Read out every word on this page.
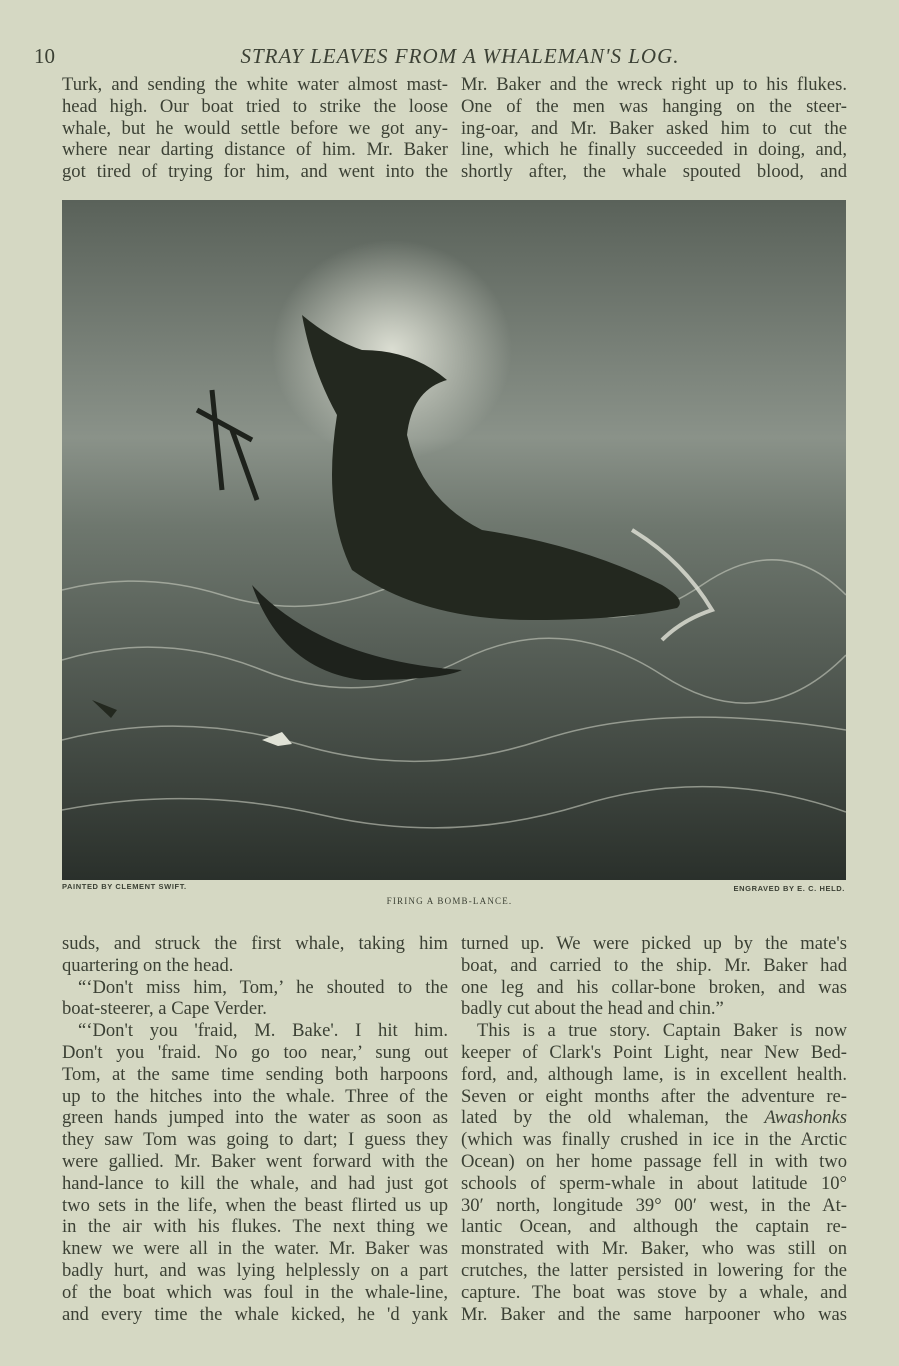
10	STRAY LEAVES FROM A WHALEMAN'S LOG.
Turk, and sending the white water almost mast-
head high. Our boat tried to strike the loose
whale, but he would settle before we got any-
where near darting distance of him. Mr. Baker
got tired of trying for him, and went into the
Mr. Baker and the wreck right up to his flukes.
One of the men was hanging on the steer-
ing-oar, and Mr. Baker asked him to cut the
line, which he finally succeeded in doing, and,
shortly after, the whale spouted blood, and
PAINTED BY CLEMENT SWIFT.	ENGRAVED BY E. C. HELD.
FIRING A BOMB-LANCE.
suds, and struck the first whale, taking him
quartering on the head.
“‘Don't miss him, Tom,’ he shouted to the
boat-steerer, a Cape Verder.
“‘Don't you 'fraid, M. Bake'. I hit him.
Don't you 'fraid. No go too near,’ sung out
Tom, at the same time sending both harpoons
up to the hitches into the whale. Three of the
green hands jumped into the water as soon as
they saw Tom was going to dart; I guess they
were gallied. Mr. Baker went forward with the
hand-lance to kill the whale, and had just got
two sets in the life, when the beast flirted us up
in the air with his flukes. The next thing we
knew we were all in the water. Mr. Baker was
badly hurt, and was lying helplessly on a part
of the boat which was foul in the whale-line,
and every time the whale kicked, he 'd yank
turned up. We were picked up by the mate's
boat, and carried to the ship. Mr. Baker had
one leg and his collar-bone broken, and was
badly cut about the head and chin.”
This is a true story. Captain Baker is now
keeper of Clark's Point Light, near New Bed-
ford, and, although lame, is in excellent health.
Seven or eight months after the adventure re-
lated by the old whaleman, the Awashonks
(which was finally crushed in ice in the Arctic
Ocean) on her home passage fell in with two
schools of sperm-whale in about latitude 10°
30′ north, longitude 39° 00′ west, in the At-
lantic Ocean, and although the captain re-
monstrated with Mr. Baker, who was still on
crutches, the latter persisted in lowering for the
capture. The boat was stove by a whale, and
Mr. Baker and the same harpooner who was
